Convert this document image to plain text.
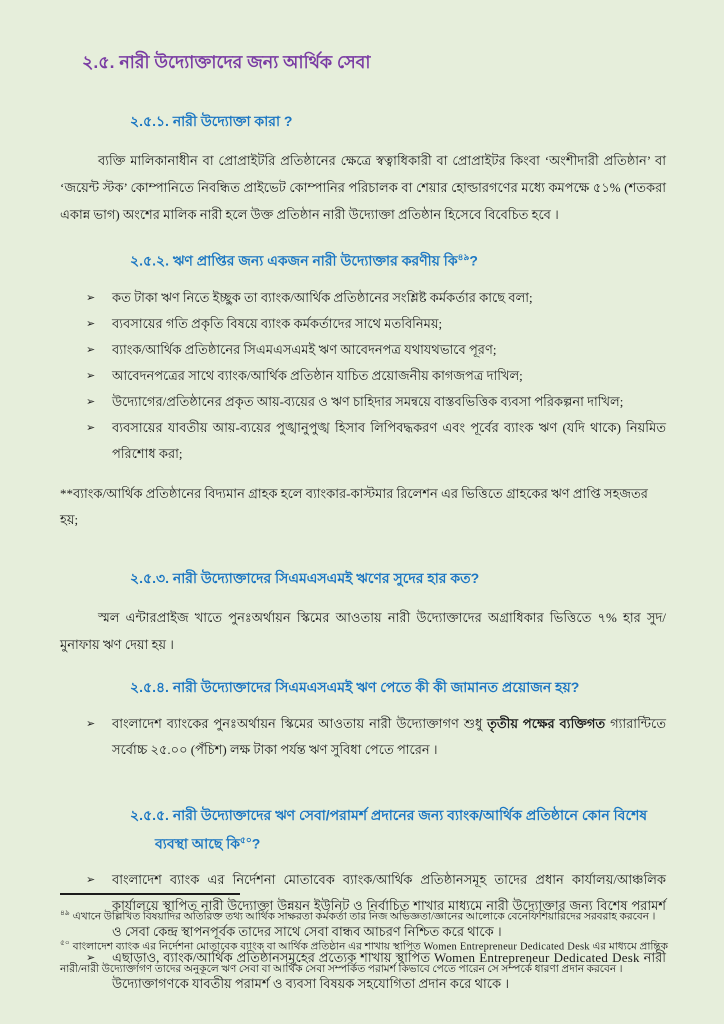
২.৫. নারী উদ্যোক্তাদের জন্য আর্থিক সেবা
২.৫.১. নারী উদ্যোক্তা কারা ?

ব্যক্তি মালিকানাধীন বা প্রোপ্রাইটরি প্রতিষ্ঠানের ক্ষেত্রে স্বত্বাধিকারী বা প্রোপ্রাইটর কিংবা ‘অংশীদারী প্রতিষ্ঠান’ বা ‘জয়েন্ট স্টক’ কোম্পানিতে নিবন্ধিত প্রাইভেট কোম্পানির পরিচালক বা শেয়ার হোল্ডারগণের মধ্যে কমপক্ষে ৫১% (শতকরা একান্ন ভাগ) অংশের মালিক নারী হলে উক্ত প্রতিষ্ঠান নারী উদ্যোক্তা প্রতিষ্ঠান হিসেবে বিবেচিত হবে ।

২.৫.২. ঋণ প্রাপ্তির জন্য একজন নারী উদ্যোক্তার করণীয় কি$^{৪৯}$?
➢ কত টাকা ঋণ নিতে ইচ্ছুক তা ব্যাংক/আর্থিক প্রতিষ্ঠানের সংশ্লিষ্ট কর্মকর্তার কাছে বলা;
➢ ব্যবসায়ের গতি প্রকৃতি বিষয়ে ব্যাংক কর্মকর্তাদের সাথে মতবিনিময়;
➢ ব্যাংক/আর্থিক প্রতিষ্ঠানের সিএমএসএমই ঋণ আবেদনপত্র যথাযথভাবে পূরণ;
➢ আবেদনপত্রের সাথে ব্যাংক/আর্থিক প্রতিষ্ঠান যাচিত প্রয়োজনীয় কাগজপত্র দাখিল;
➢ উদ্যোগের/প্রতিষ্ঠানের প্রকৃত আয়-ব্যয়ের ও ঋণ চাহিদার সমন্বয়ে বাস্তবভিত্তিক ব্যবসা পরিকল্পনা দাখিল;
➢ ব্যবসায়ের যাবতীয় আয়-ব্যয়ের পুঙ্খানুপুঙ্খ হিসাব লিপিবদ্ধকরণ এবং পূর্বের ব্যাংক ঋণ (যদি থাকে) নিয়মিত পরিশোধ করা;

**ব্যাংক/আর্থিক প্রতিষ্ঠানের বিদ্যমান গ্রাহক হলে ব্যাংকার-কাস্টমার রিলেশন এর ভিত্তিতে গ্রাহকের ঋণ প্রাপ্তি সহজতর হয়;

২.৫.৩. নারী উদ্যোক্তাদের সিএমএসএমই ঋণের সুদের হার কত?

স্মল এন্টারপ্রাইজ খাতে পুনঃঅর্থায়ন স্কিমের আওতায় নারী উদ্যোক্তাদের অগ্রাধিকার ভিত্তিতে ৭% হার সুদ/মুনাফায় ঋণ দেয়া হয় ।

২.৫.৪. নারী উদ্যোক্তাদের সিএমএসএমই ঋণ পেতে কী কী জামানত প্রয়োজন হয়?
➢ বাংলাদেশ ব্যাংকের পুনঃঅর্থায়ন স্কিমের আওতায় নারী উদ্যোক্তাগণ শুধু তৃতীয় পক্ষের ব্যক্তিগত গ্যারান্টিতে সর্বোচ্চ ২৫.০০ (পঁচিশ) লক্ষ টাকা পর্যন্ত ঋণ সুবিধা পেতে পারেন ।
২.৫.৫. নারী উদ্যোক্তাদের ঋণ সেবা/পরামর্শ প্রদানের জন্য ব্যাংক/আর্থিক প্রতিষ্ঠানে কোন বিশেষ ব্যবস্থা আছে কি$^{৫০}$?
➢ বাংলাদেশ ব্যাংক এর নির্দেশনা মোতাবেক ব্যাংক/আর্থিক প্রতিষ্ঠানসমূহ তাদের প্রধান কার্যালয়/আঞ্চলিক কার্যালয়ে স্থাপিত নারী উদ্যোক্তা উন্নয়ন ইউনিট ও নির্বাচিত শাখার মাধ্যমে নারী উদ্যোক্তার জন্য বিশেষ পরামর্শ ও সেবা কেন্দ্র স্থাপনপূর্বক তাদের সাথে সেবা বান্ধব আচরণ নিশ্চিত করে থাকে ।
➢ এছাড়াও, ব্যাংক/আর্থিক প্রতিষ্ঠানসমূহের প্রত্যেক শাখায় স্থাপিত Women Entrepreneur Dedicated Desk নারী উদ্যোক্তাগণকে যাবতীয় পরামর্শ ও ব্যবসা বিষয়ক সহযোগিতা প্রদান করে থাকে ।

$^{৪৯}$ এখানে উল্লিখিত বিষয়াদির অতিরিক্ত তথ্য আর্থিক সাক্ষরতা কর্মকর্তা তার নিজ অভিজ্ঞতা/জ্ঞানের আলোকে বেনেফিশিয়ারিদের সরবরাহ করবেন ।

$^{৫০}$ বাংলাদেশ ব্যাংক এর নির্দেশনা মোতাবেক ব্যাংক বা আর্থিক প্রতিষ্ঠান এর শাখায় স্থাপিত Women Entrepreneur Dedicated Desk এর মাধ্যমে প্রান্তিক নারী/নারী উদ্যোক্তাগণ তাদের অনুকূলে ঋণ সেবা বা আর্থিক সেবা সম্পর্কিত পরামর্শ কিভাবে পেতে পারেন সে সম্পর্কে ধারণা প্রদান করবেন ।
